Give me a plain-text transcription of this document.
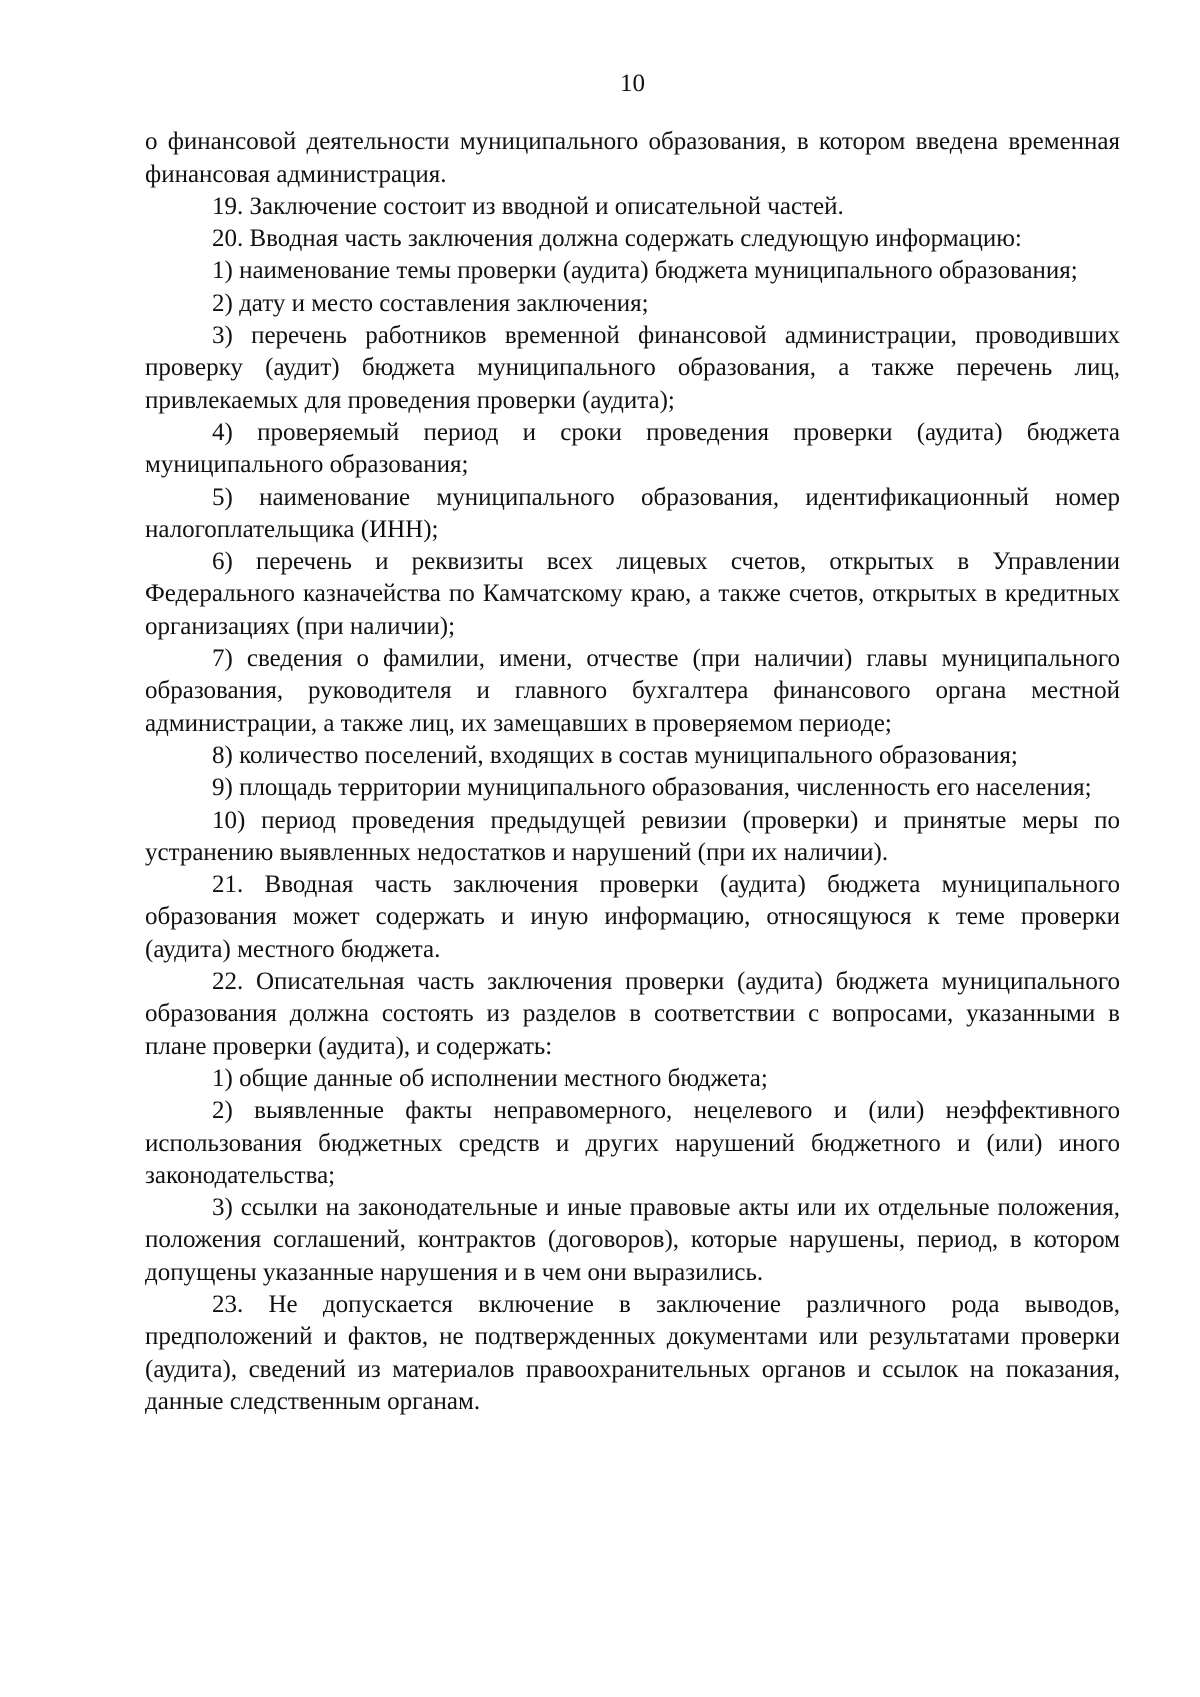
10

о финансовой деятельности муниципального образования, в котором введена временная финансовая администрация.

19. Заключение состоит из вводной и описательной частей.

20. Вводная часть заключения должна содержать следующую информацию:

1) наименование темы проверки (аудита) бюджета муниципального образования;

2) дату и место составления заключения;

3) перечень работников временной финансовой администрации, проводивших проверку (аудит) бюджета муниципального образования, а также перечень лиц, привлекаемых для проведения проверки (аудита);

4) проверяемый период и сроки проведения проверки (аудита) бюджета муниципального образования;

5) наименование муниципального образования, идентификационный номер налогоплательщика (ИНН);

6) перечень и реквизиты всех лицевых счетов, открытых в Управлении Федерального казначейства по Камчатскому краю, а также счетов, открытых в кредитных организациях (при наличии);

7) сведения о фамилии, имени, отчестве (при наличии) главы муниципального образования, руководителя и главного бухгалтера финансового органа местной администрации, а также лиц, их замещавших в проверяемом периоде;

8) количество поселений, входящих в состав муниципального образования;

9) площадь территории муниципального образования, численность его населения;

10) период проведения предыдущей ревизии (проверки) и принятые меры по устранению выявленных недостатков и нарушений (при их наличии).

21. Вводная часть заключения проверки (аудита) бюджета муниципального образования может содержать и иную информацию, относящуюся к теме проверки (аудита) местного бюджета.

22. Описательная часть заключения проверки (аудита) бюджета муниципального образования должна состоять из разделов в соответствии с вопросами, указанными в плане проверки (аудита), и содержать:

1) общие данные об исполнении местного бюджета;

2) выявленные факты неправомерного, нецелевого и (или) неэффективного использования бюджетных средств и других нарушений бюджетного и (или) иного законодательства;

3) ссылки на законодательные и иные правовые акты или их отдельные положения, положения соглашений, контрактов (договоров), которые нарушены, период, в котором допущены указанные нарушения и в чем они выразились.

23. Не допускается включение в заключение различного рода выводов, предположений и фактов, не подтвержденных документами или результатами проверки (аудита), сведений из материалов правоохранительных органов и ссылок на показания, данные следственным органам.
